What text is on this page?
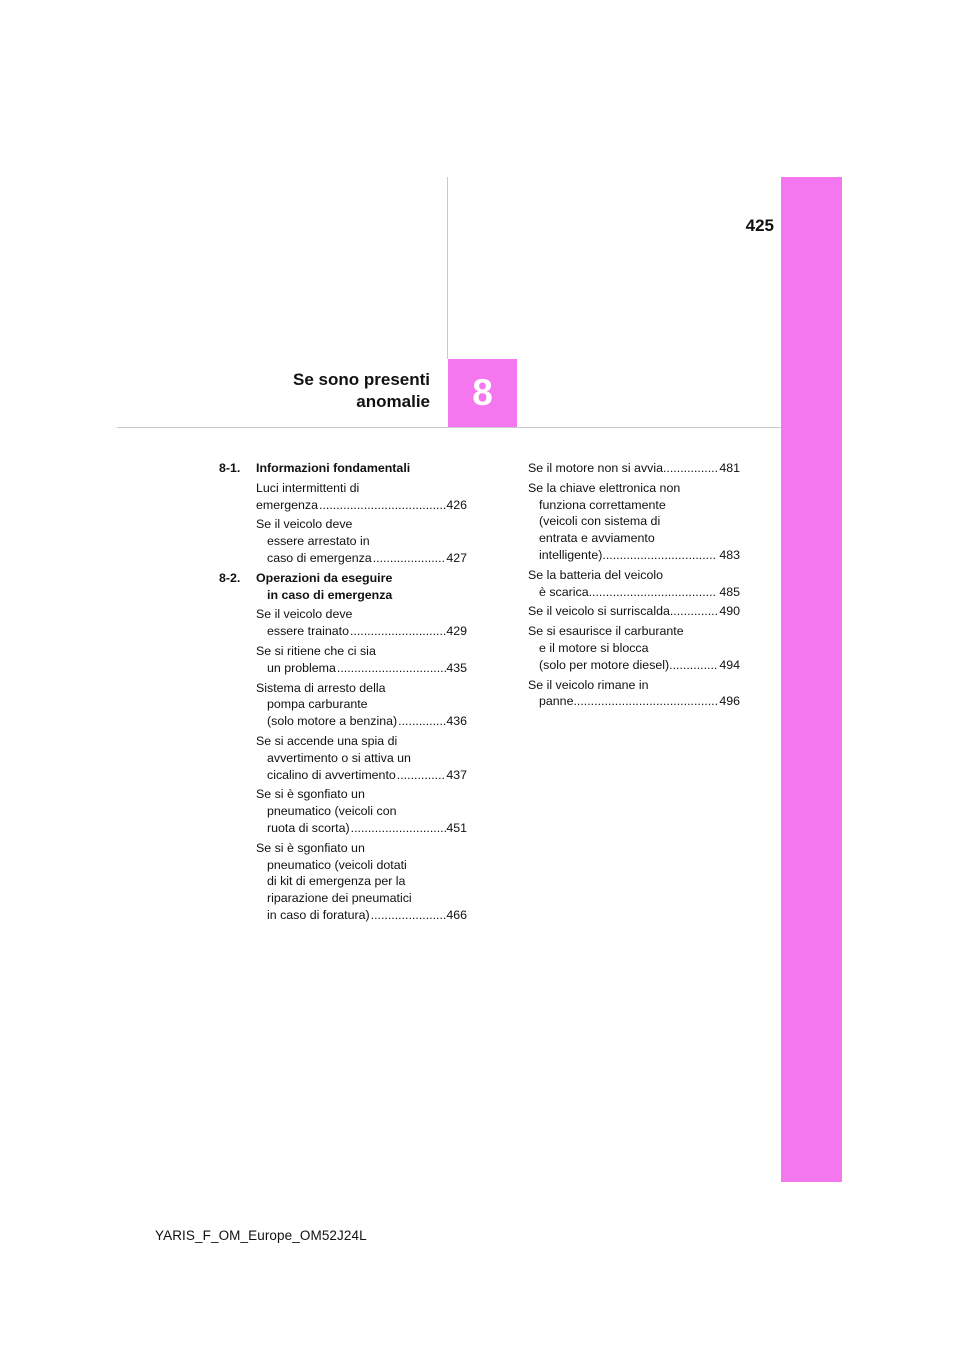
425
8
Se sono presenti
anomalie
8-1. Informazioni fondamentali
Luci intermittenti di
emergenza .....	426
Se il veicolo deve
essere arrestato in
caso di emergenza .....	427
8-2. Operazioni da eseguire
in caso di emergenza
Se il veicolo deve
essere trainato .....	429
Se si ritiene che ci sia
un problema .....	435
Sistema di arresto della
pompa carburante
(solo motore a benzina) .....	436
Se si accende una spia di
avvertimento o si attiva un
cicalino di avvertimento .....	437
Se si è sgonfiato un
pneumatico (veicoli con
ruota di scorta) .....	451
Se si è sgonfiato un
pneumatico (veicoli dotati
di kit di emergenza per la
riparazione dei pneumatici
in caso di foratura) .....	466
Se il motore non si avvia .....	481
Se la chiave elettronica non
funziona correttamente
(veicoli con sistema di
entrata e avviamento
intelligente) .....	483
Se la batteria del veicolo
è scarica .....	485
Se il veicolo si surriscalda .....	490
Se si esaurisce il carburante
e il motore si blocca
(solo per motore diesel) .....	494
Se il veicolo rimane in
panne .....	496
YARIS_F_OM_Europe_OM52J24L
